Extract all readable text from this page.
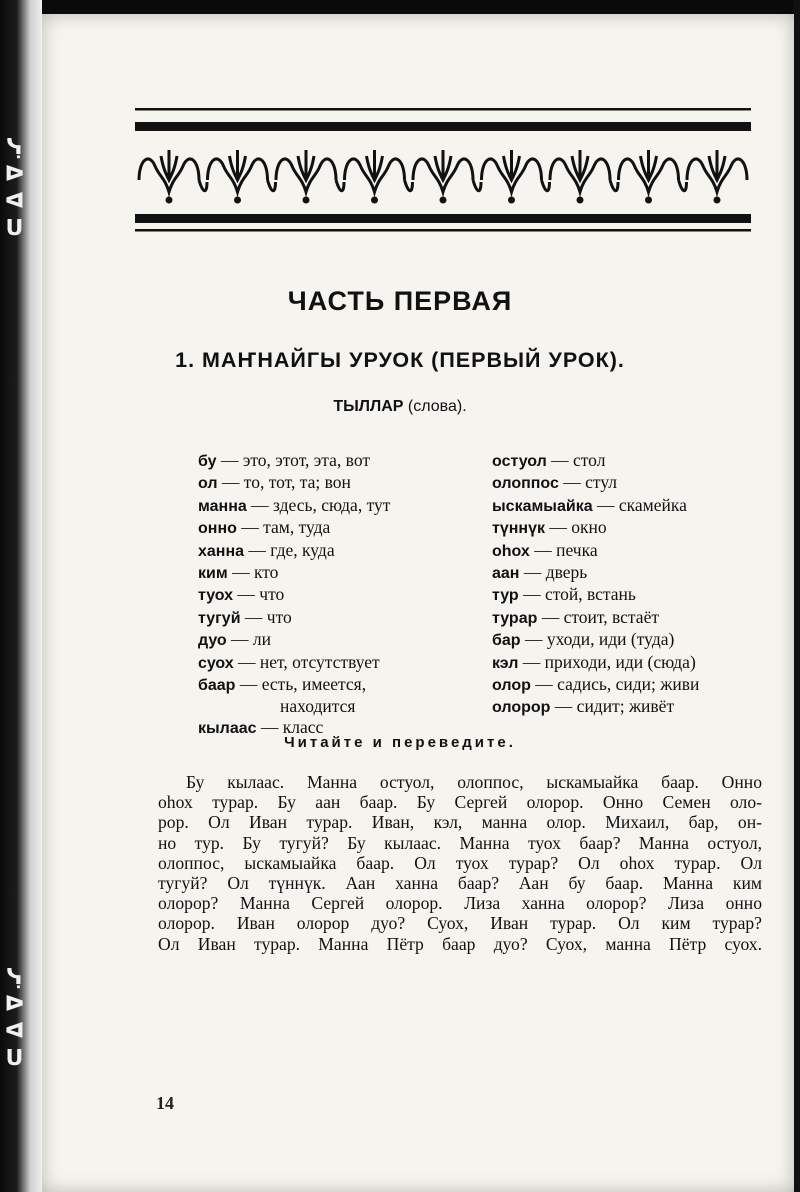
ᑎᐅᐊᓵ
ᑎᐅᐊᓵ
ЧАСТЬ ПЕРВАЯ
1. МАҤНАЙГЫ УРУОК (ПЕРВЫЙ УРОК).
ТЫЛЛАР (слова).
бу — это, этот, эта, вот
ол — то, тот, та; вон
манна — здесь, сюда, тут
онно — там, туда
ханна — где, куда
ким — кто
туох — что
тугуй — что
дуо — ли
суох — нет, отсутствует
баар — есть, имеется,
находится
кылаас — класс
остуол — стол
олоппос — стул
ыскамыайка — скамейка
түннүк — окно
оһох — печка
аан — дверь
тур — стой, встань
турар — стоит, встаёт
бар — уходи, иди (туда)
кэл — приходи, иди (сюда)
олор — садись, сиди; живи
олорор — сидит; живёт
Читайте и переведите.
Бу кылаас. Манна остуол, олоппос, ыскамыайка баар. Онно
оһох турар. Бу аан баар. Бу Сергей олорор. Онно Семен оло-
рор. Ол Иван турар. Иван, кэл, манна олор. Михаил, бар, он-
но тур. Бу тугуй? Бу кылаас. Манна туох баар? Манна остуол,
олоппос, ыскамыайка баар. Ол туох турар? Ол оһох турар. Ол
тугуй? Ол түннүк. Аан ханна баар? Аан бу баар. Манна ким
олорор? Манна Сергей олорор. Лиза ханна олорор? Лиза онно
олорор. Иван олорор дуо? Суох, Иван турар. Ол ким турар?
Ол Иван турар. Манна Пётр баар дуо? Суох, манна Пётр суох.
14
